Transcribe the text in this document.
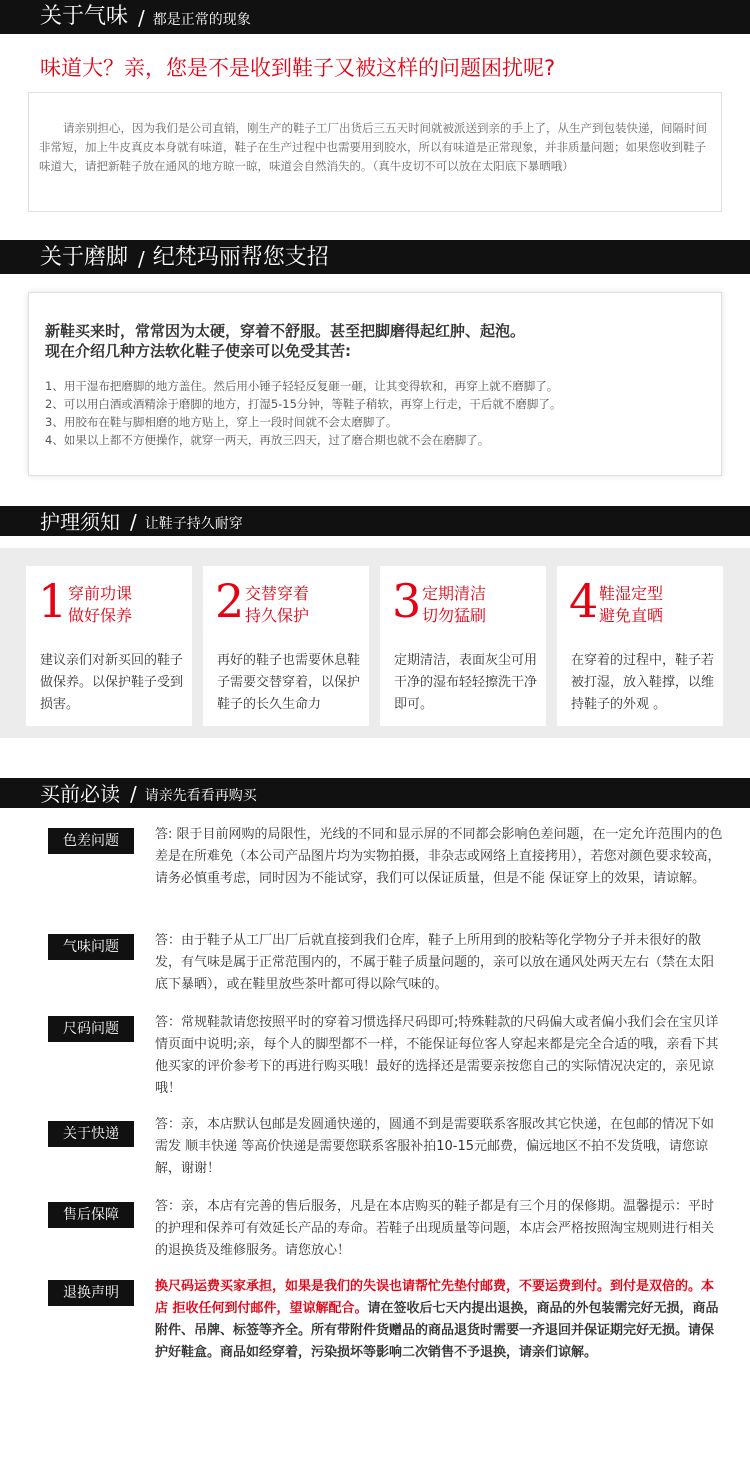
关于气味 / 都是正常的现象
味道大？亲，您是不是收到鞋子又被这样的问题困扰呢?
请亲别担心，因为我们是公司直销，刚生产的鞋子工厂出货后三五天时间就被派送到亲的手上了，从生产到包装快递，间隔时间非常短，加上牛皮真皮本身就有味道，鞋子在生产过程中也需要用到胶水，所以有味道是正常现象，并非质量问题；如果您收到鞋子味道大，请把新鞋子放在通风的地方晾一晾，味道会自然消失的。（真牛皮切不可以放在太阳底下暴晒哦）
关于磨脚 / 纪梵玛丽帮您支招
新鞋买来时，常常因为太硬，穿着不舒服。甚至把脚磨得起红肿、起泡。
现在介绍几种方法软化鞋子使亲可以免受其苦:
1、用干湿布把磨脚的地方盖住。然后用小锤子轻轻反复砸一砸，让其变得软和，再穿上就不磨脚了。
2、可以用白酒或酒精涂于磨脚的地方，打湿5-15分钟，等鞋子稍软，再穿上行走，干后就不磨脚了。
3、用胶布在鞋与脚相磨的地方贴上，穿上一段时间就不会太磨脚了。
4、如果以上都不方便操作，就穿一两天，再放三四天，过了磨合期也就不会在磨脚了。
护理须知 / 让鞋子持久耐穿
1 穿前功课
做好保养
建议亲们对新买回的鞋子做保养。以保护鞋子受到损害。
2 交替穿着
持久保护
再好的鞋子也需要休息鞋子需要交替穿着，以保护鞋子的长久生命力
3 定期清洁
切勿猛刷
定期清洁，表面灰尘可用干净的湿布轻轻擦洗干净即可。
4 鞋湿定型
避免直晒
在穿着的过程中，鞋子若被打湿，放入鞋撑，以维持鞋子的外观 。
买前必读 / 请亲先看看再购买
色差问题	答: 限于目前网购的局限性，光线的不同和显示屏的不同都会影响色差问题，在一定允许范围内的色差是在所难免（本公司产品图片均为实物拍摄，非杂志或网络上直接拷用），若您对颜色要求较高，请务必慎重考虑，同时因为不能试穿，我们可以保证质量，但是不能 保证穿上的效果，请谅解。
气味问题	答：由于鞋子从工厂出厂后就直接到我们仓库，鞋子上所用到的胶粘等化学物分子并未很好的散发，有气味是属于正常范围内的，不属于鞋子质量问题的，亲可以放在通风处两天左右（禁在太阳底下暴晒），或在鞋里放些茶叶都可得以除气味的。
尺码问题	答：常规鞋款请您按照平时的穿着习惯选择尺码即可;特殊鞋款的尺码偏大或者偏小我们会在宝贝详情页面中说明;亲，每个人的脚型都不一样，不能保证每位客人穿起来都是完全合适的哦，亲看下其他买家的评价参考下的再进行购买哦！最好的选择还是需要亲按您自己的实际情况决定的，亲见谅哦！
关于快递
答：亲，本店默认包邮是发圆通快递的，圆通不到是需要联系客服改其它快递，在包邮的情况下如需发 顺丰快递 等高价快递是需要您联系客服补拍10-15元邮费，偏远地区不拍不发货哦，请您谅解，谢谢！
售后保障
答：亲，本店有完善的售后服务，凡是在本店购买的鞋子都是有三个月的保修期。温馨提示：平时的护理和保养可有效延长产品的寿命。若鞋子出现质量等问题，本店会严格按照淘宝规则进行相关的退换货及维修服务。请您放心！
退换声明	换尺码运费买家承担，如果是我们的失误也请帮忙先垫付邮费，不要运费到付。到付是双倍的。本店 拒收任何到付邮件，望谅解配合。请在签收后七天内提出退换，商品的外包装需完好无损，商品附件、吊牌、标签等齐全。所有带附件货赠品的商品退货时需要一齐退回并保证期完好无损。请保护好鞋盒。商品如经穿着，污染损坏等影响二次销售不予退换，请亲们谅解。
